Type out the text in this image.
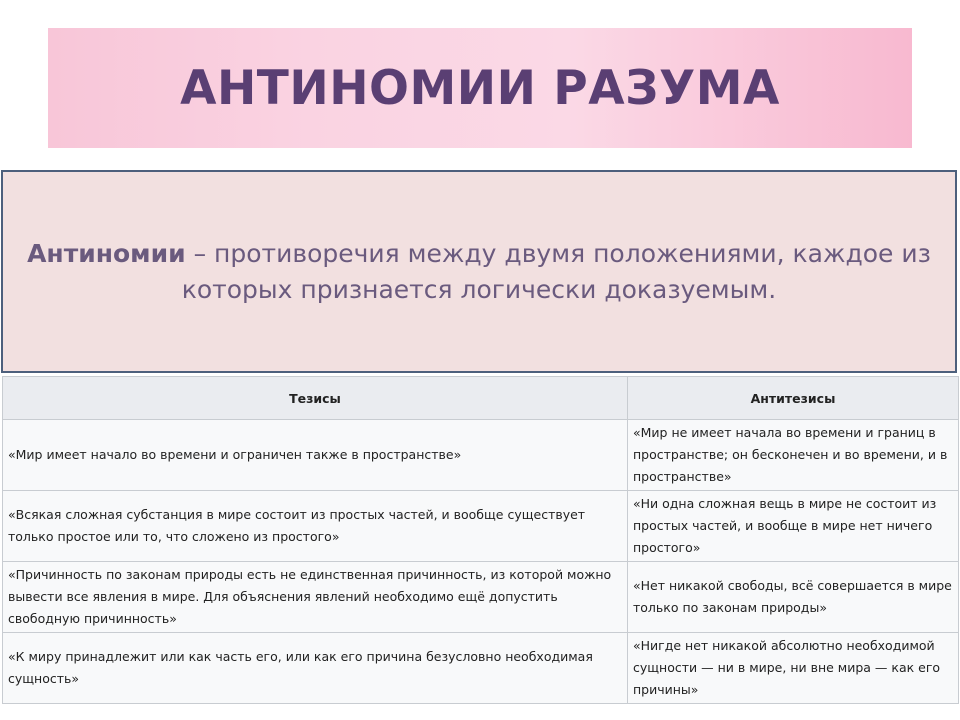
АНТИНОМИИ РАЗУМА
Антиномии – противоречия между двумя положениями, каждое из которых признается логически доказуемым.
Тезисы	Антитезисы
«Мир имеет начало во времени и ограничен также в пространстве»	«Мир не имеет начала во времени и границ в пространстве; он бесконечен и во времени, и в пространстве»
«Всякая сложная субстанция в мире состоит из простых частей, и вообще существует только простое или то, что сложено из простого»	«Ни одна сложная вещь в мире не состоит из простых частей, и вообще в мире нет ничего простого»
«Причинность по законам природы есть не единственная причинность, из которой можно вывести все явления в мире. Для объяснения явлений необходимо ещё допустить свободную причинность»	«Нет никакой свободы, всё совершается в мире только по законам природы»
«К миру принадлежит или как часть его, или как его причина безусловно необходимая сущность»	«Нигде нет никакой абсолютно необходимой сущности — ни в мире, ни вне мира — как его причины»
